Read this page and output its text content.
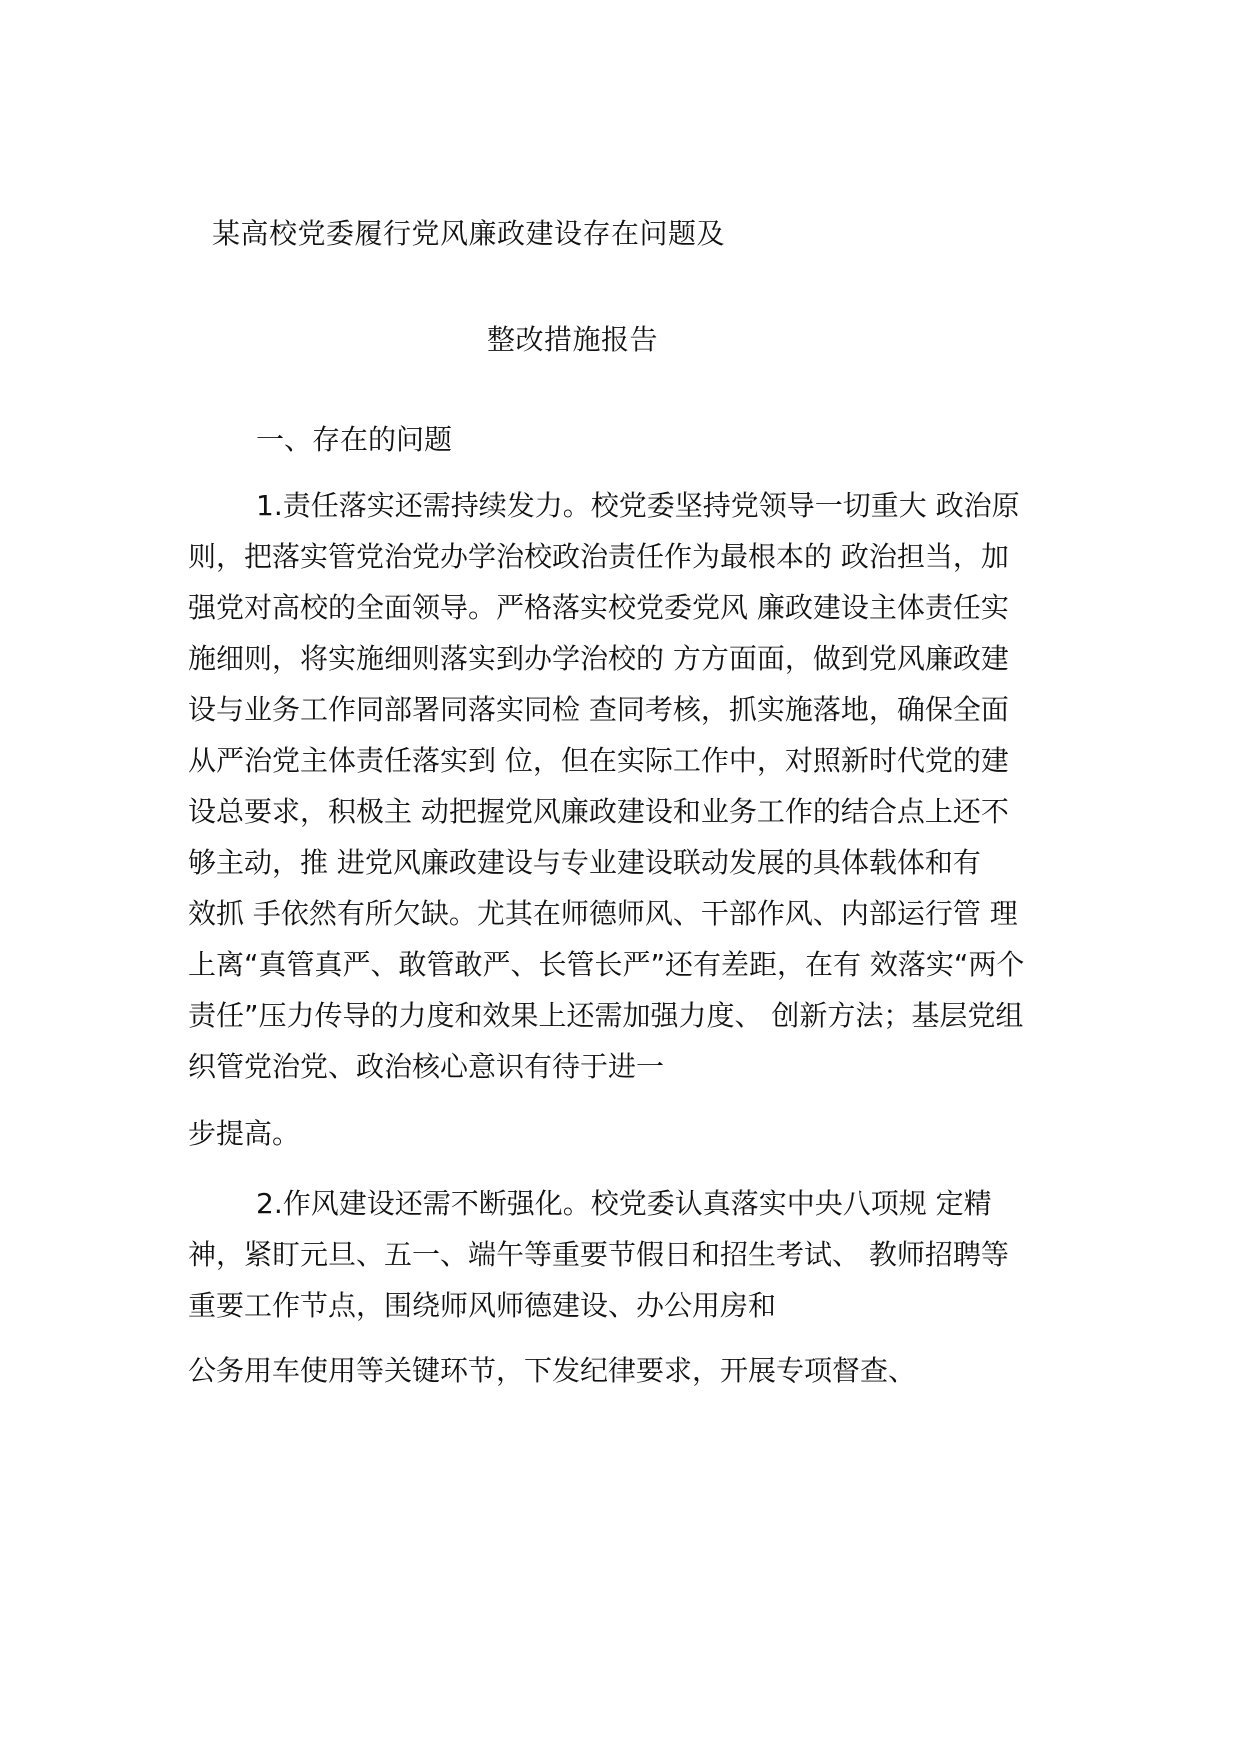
某高校党委履行党风廉政建设存在问题及
整改措施报告
一、存在的问题
1.责任落实还需持续发力。校党委坚持党领导一切重大 政治原
则，把落实管党治党办学治校政治责任作为最根本的 政治担当，加
强党对高校的全面领导。严格落实校党委党风 廉政建设主体责任实
施细则，将实施细则落实到办学治校的 方方面面，做到党风廉政建
设与业务工作同部署同落实同检 查同考核，抓实施落地，确保全面
从严治党主体责任落实到 位，但在实际工作中，对照新时代党的建
设总要求，积极主 动把握党风廉政建设和业务工作的结合点上还不
够主动，推 进党风廉政建设与专业建设联动发展的具体载体和有
效抓 手依然有所欠缺。尤其在师德师风、干部作风、内部运行管 理
上离“真管真严、敢管敢严、长管长严”还有差距，在有 效落实“两个
责任”压力传导的力度和效果上还需加强力度、 创新方法；基层党组
织管党治党、政治核心意识有待于进一
步提高。
2.作风建设还需不断强化。校党委认真落实中央八项规 定精
神，紧盯元旦、五一、端午等重要节假日和招生考试、 教师招聘等
重要工作节点，围绕师风师德建设、办公用房和
公务用车使用等关键环节，下发纪律要求，开展专项督查、
